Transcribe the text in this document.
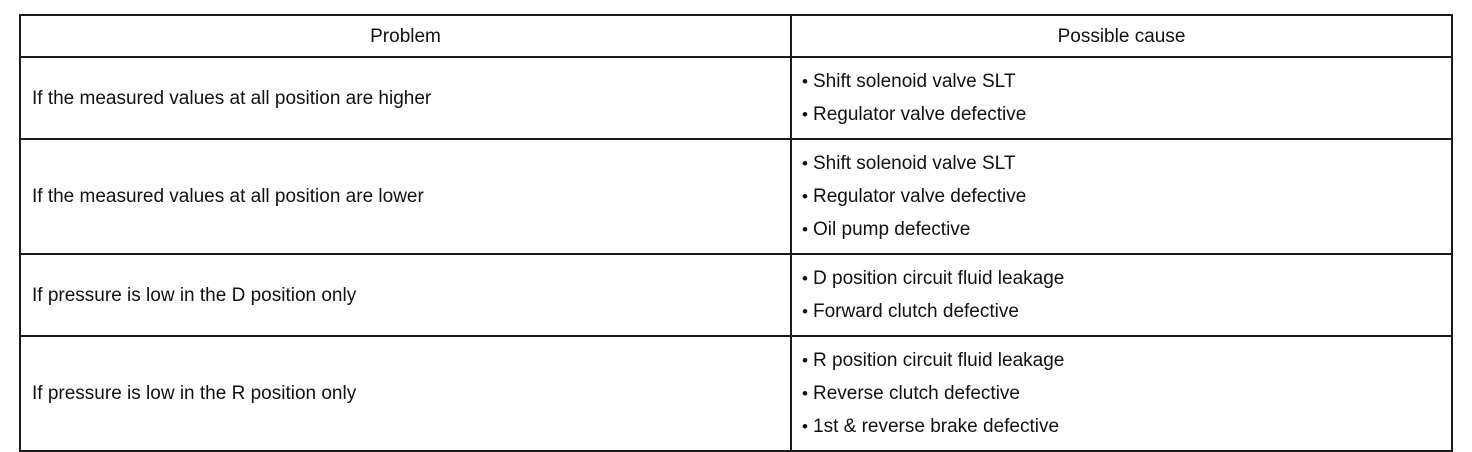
Problem	Possible cause
If the measured values at all position are higher	• Shift solenoid valve SLT
• Regulator valve defective

If the measured values at all position are lower	• Shift solenoid valve SLT
• Regulator valve defective
• Oil pump defective

If pressure is low in the D position only	• D position circuit fluid leakage
• Forward clutch defective

If pressure is low in the R position only	• R position circuit fluid leakage
• Reverse clutch defective
• 1st & reverse brake defective
